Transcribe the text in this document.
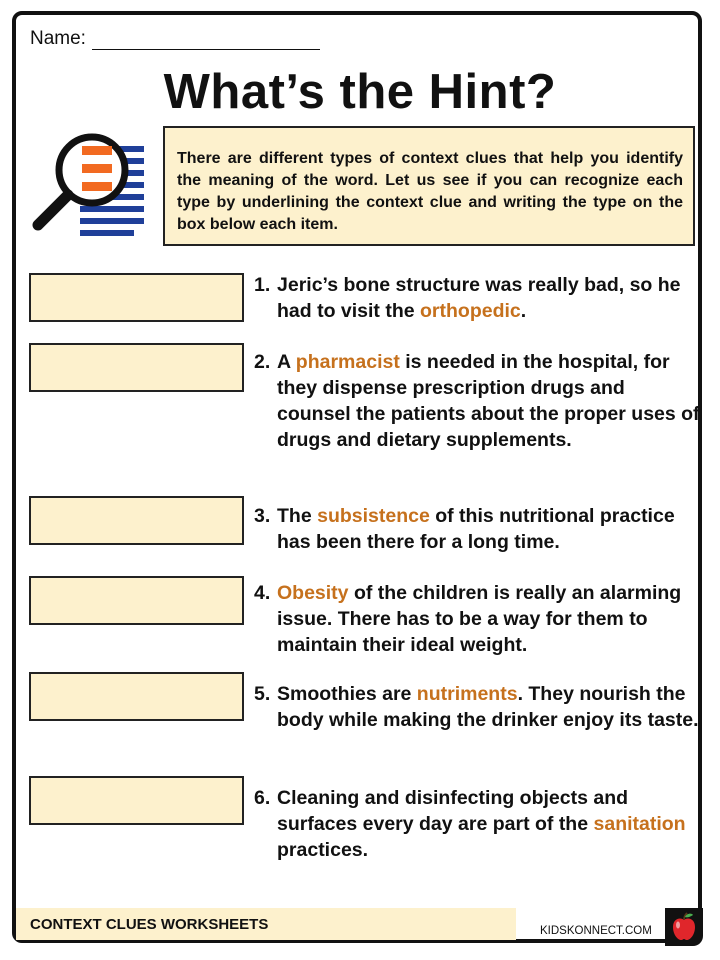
Name:
What’s the Hint?
There are different types of context clues that help you identify the meaning of the word. Let us see if you can recognize each type by underlining the context clue and writing the type on the box below each item.
1. Jeric’s bone structure was really bad, so he had to visit the orthopedic.
2. A pharmacist is needed in the hospital, for they dispense prescription drugs and counsel the patients about the proper uses of drugs and dietary supplements.
3. The subsistence of this nutritional practice has been there for a long time.
4. Obesity of the children is really an alarming issue. There has to be a way for them to maintain their ideal weight.
5. Smoothies are nutriments. They nourish the body while making the drinker enjoy its taste.
6. Cleaning and disinfecting objects and surfaces every day are part of the sanitation practices.
CONTEXT CLUES WORKSHEETS	KIDSKONNECT.COM
